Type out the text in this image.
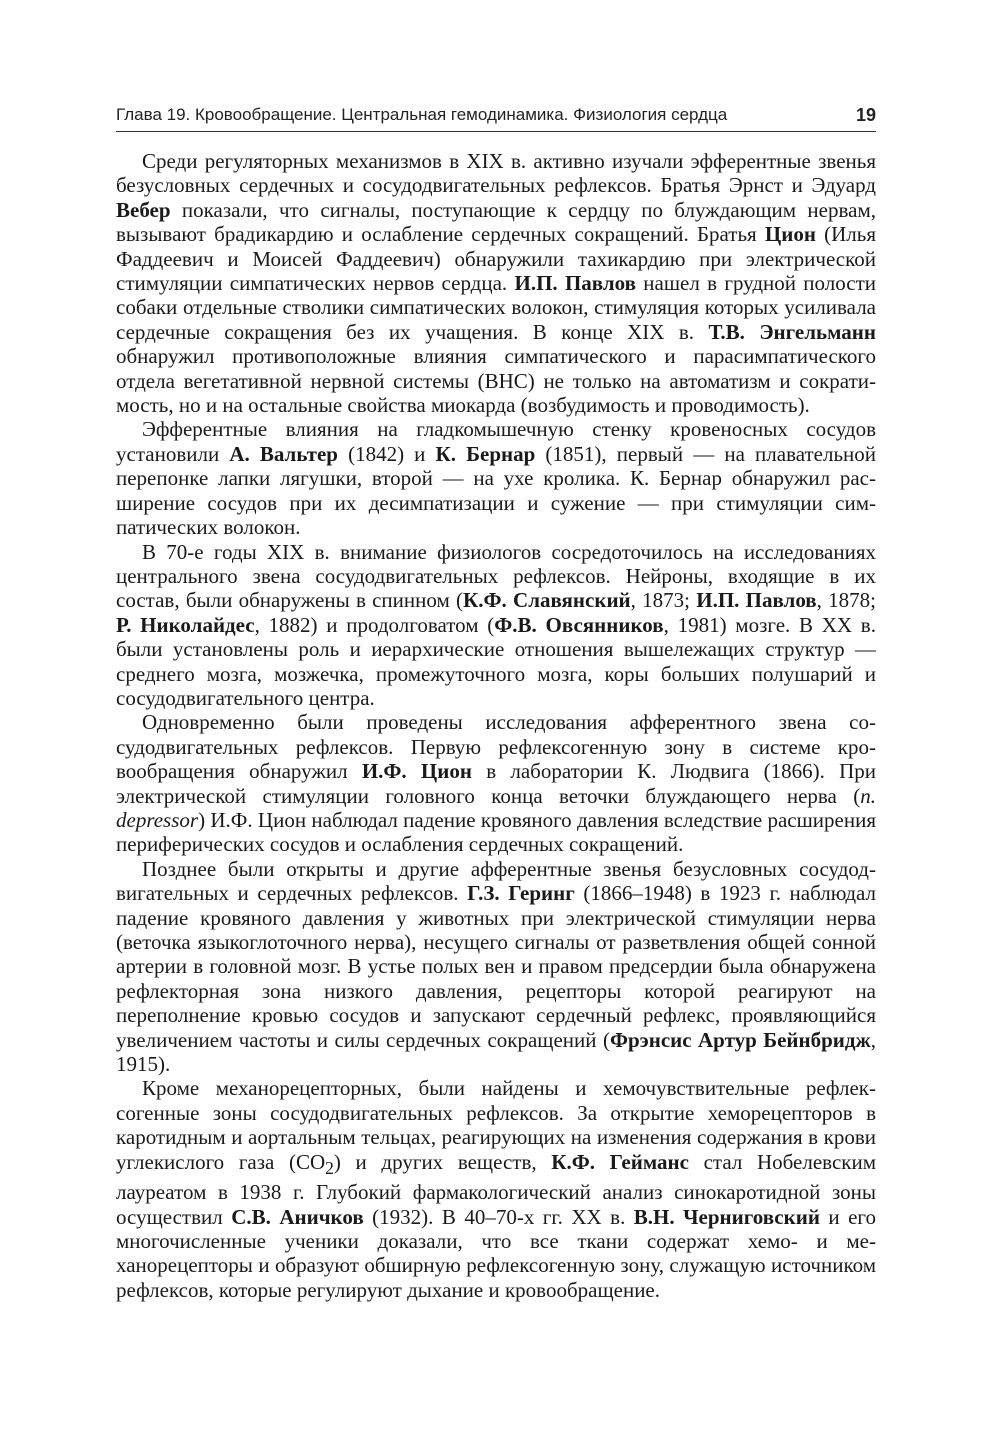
Глава 19. Кровообращение. Центральная гемодинамика. Физиология сердца	19

Среди регуляторных механизмов в XIX в. активно изучали эфферентные звенья безусловных сердечных и сосудодвигательных рефлексов. Братья Эрнст и Эдуард Вебер показали, что сигналы, поступающие к сердцу по блуждающим нервам, вызывают брадикардию и ослабление сердечных сокращений. Братья Цион (Илья Фаддеевич и Моисей Фаддеевич) обнаружили тахикардию при электрической стимуляции симпатических нервов сердца. И.П. Павлов нашел в грудной полости собаки отдельные стволики симпатических волокон, стимуляция которых усиливала сердечные сокращения без их учащения. В конце XIX в. Т.В. Энгельманн обнаружил противоположные влияния симпатического и парасимпатического отдела вегетативной нервной системы (ВНС) не только на автоматизм и сократимость, но и на остальные свойства миокарда (возбудимость и проводимость).

Эфферентные влияния на гладкомышечную стенку кровеносных сосудов установили А. Вальтер (1842) и К. Бернар (1851), первый — на плавательной перепонке лапки лягушки, второй — на ухе кролика. К. Бернар обнаружил расширение сосудов при их десимпатизации и сужение — при стимуляции симпатических волокон.

В 70-е годы XIX в. внимание физиологов сосредоточилось на исследованиях центрального звена сосудодвигательных рефлексов. Нейроны, входящие в их состав, были обнаружены в спинном (К.Ф. Славянский, 1873; И.П. Павлов, 1878; Р. Николайдес, 1882) и продолговатом (Ф.В. Овсянников, 1981) мозге. В XX в. были установлены роль и иерархические отношения вышележащих структур — среднего мозга, мозжечка, промежуточного мозга, коры больших полушарий и сосудодвигательного центра.

Одновременно были проведены исследования афферентного звена сосудодвигательных рефлексов. Первую рефлексогенную зону в системе кровообращения обнаружил И.Ф. Цион в лаборатории К. Людвига (1866). При электрической стимуляции головного конца веточки блуждающего нерва (n. depressor) И.Ф. Цион наблюдал падение кровяного давления вследствие расширения периферических сосудов и ослабления сердечных сокращений.

Позднее были открыты и другие афферентные звенья безусловных сосудодвигательных и сердечных рефлексов. Г.З. Геринг (1866–1948) в 1923 г. наблюдал падение кровяного давления у животных при электрической стимуляции нерва (веточка языкоглоточного нерва), несущего сигналы от разветвления общей сонной артерии в головной мозг. В устье полых вен и правом предсердии была обнаружена рефлекторная зона низкого давления, рецепторы которой реагируют на переполнение кровью сосудов и запускают сердечный рефлекс, проявляющийся увеличением частоты и силы сердечных сокращений (Фрэнсис Артур Бейнбридж, 1915).

Кроме механорецепторных, были найдены и хемочувствительные рефлексогенные зоны сосудодвигательных рефлексов. За открытие хеморецепторов в каротидным и аортальным тельцах, реагирующих на изменения содержания в крови углекислого газа $(CO_2)$ и других веществ, К.Ф. Гейманс стал Нобелевским лауреатом в 1938 г. Глубокий фармакологический анализ синокаротидной зоны осуществил С.В. Аничков (1932). В 40–70-х гг. XX в. В.Н. Черниговский и его многочисленные ученики доказали, что все ткани содержат хемо- и механорецепторы и образуют обширную рефлексогенную зону, служащую источником рефлексов, которые регулируют дыхание и кровообращение.
